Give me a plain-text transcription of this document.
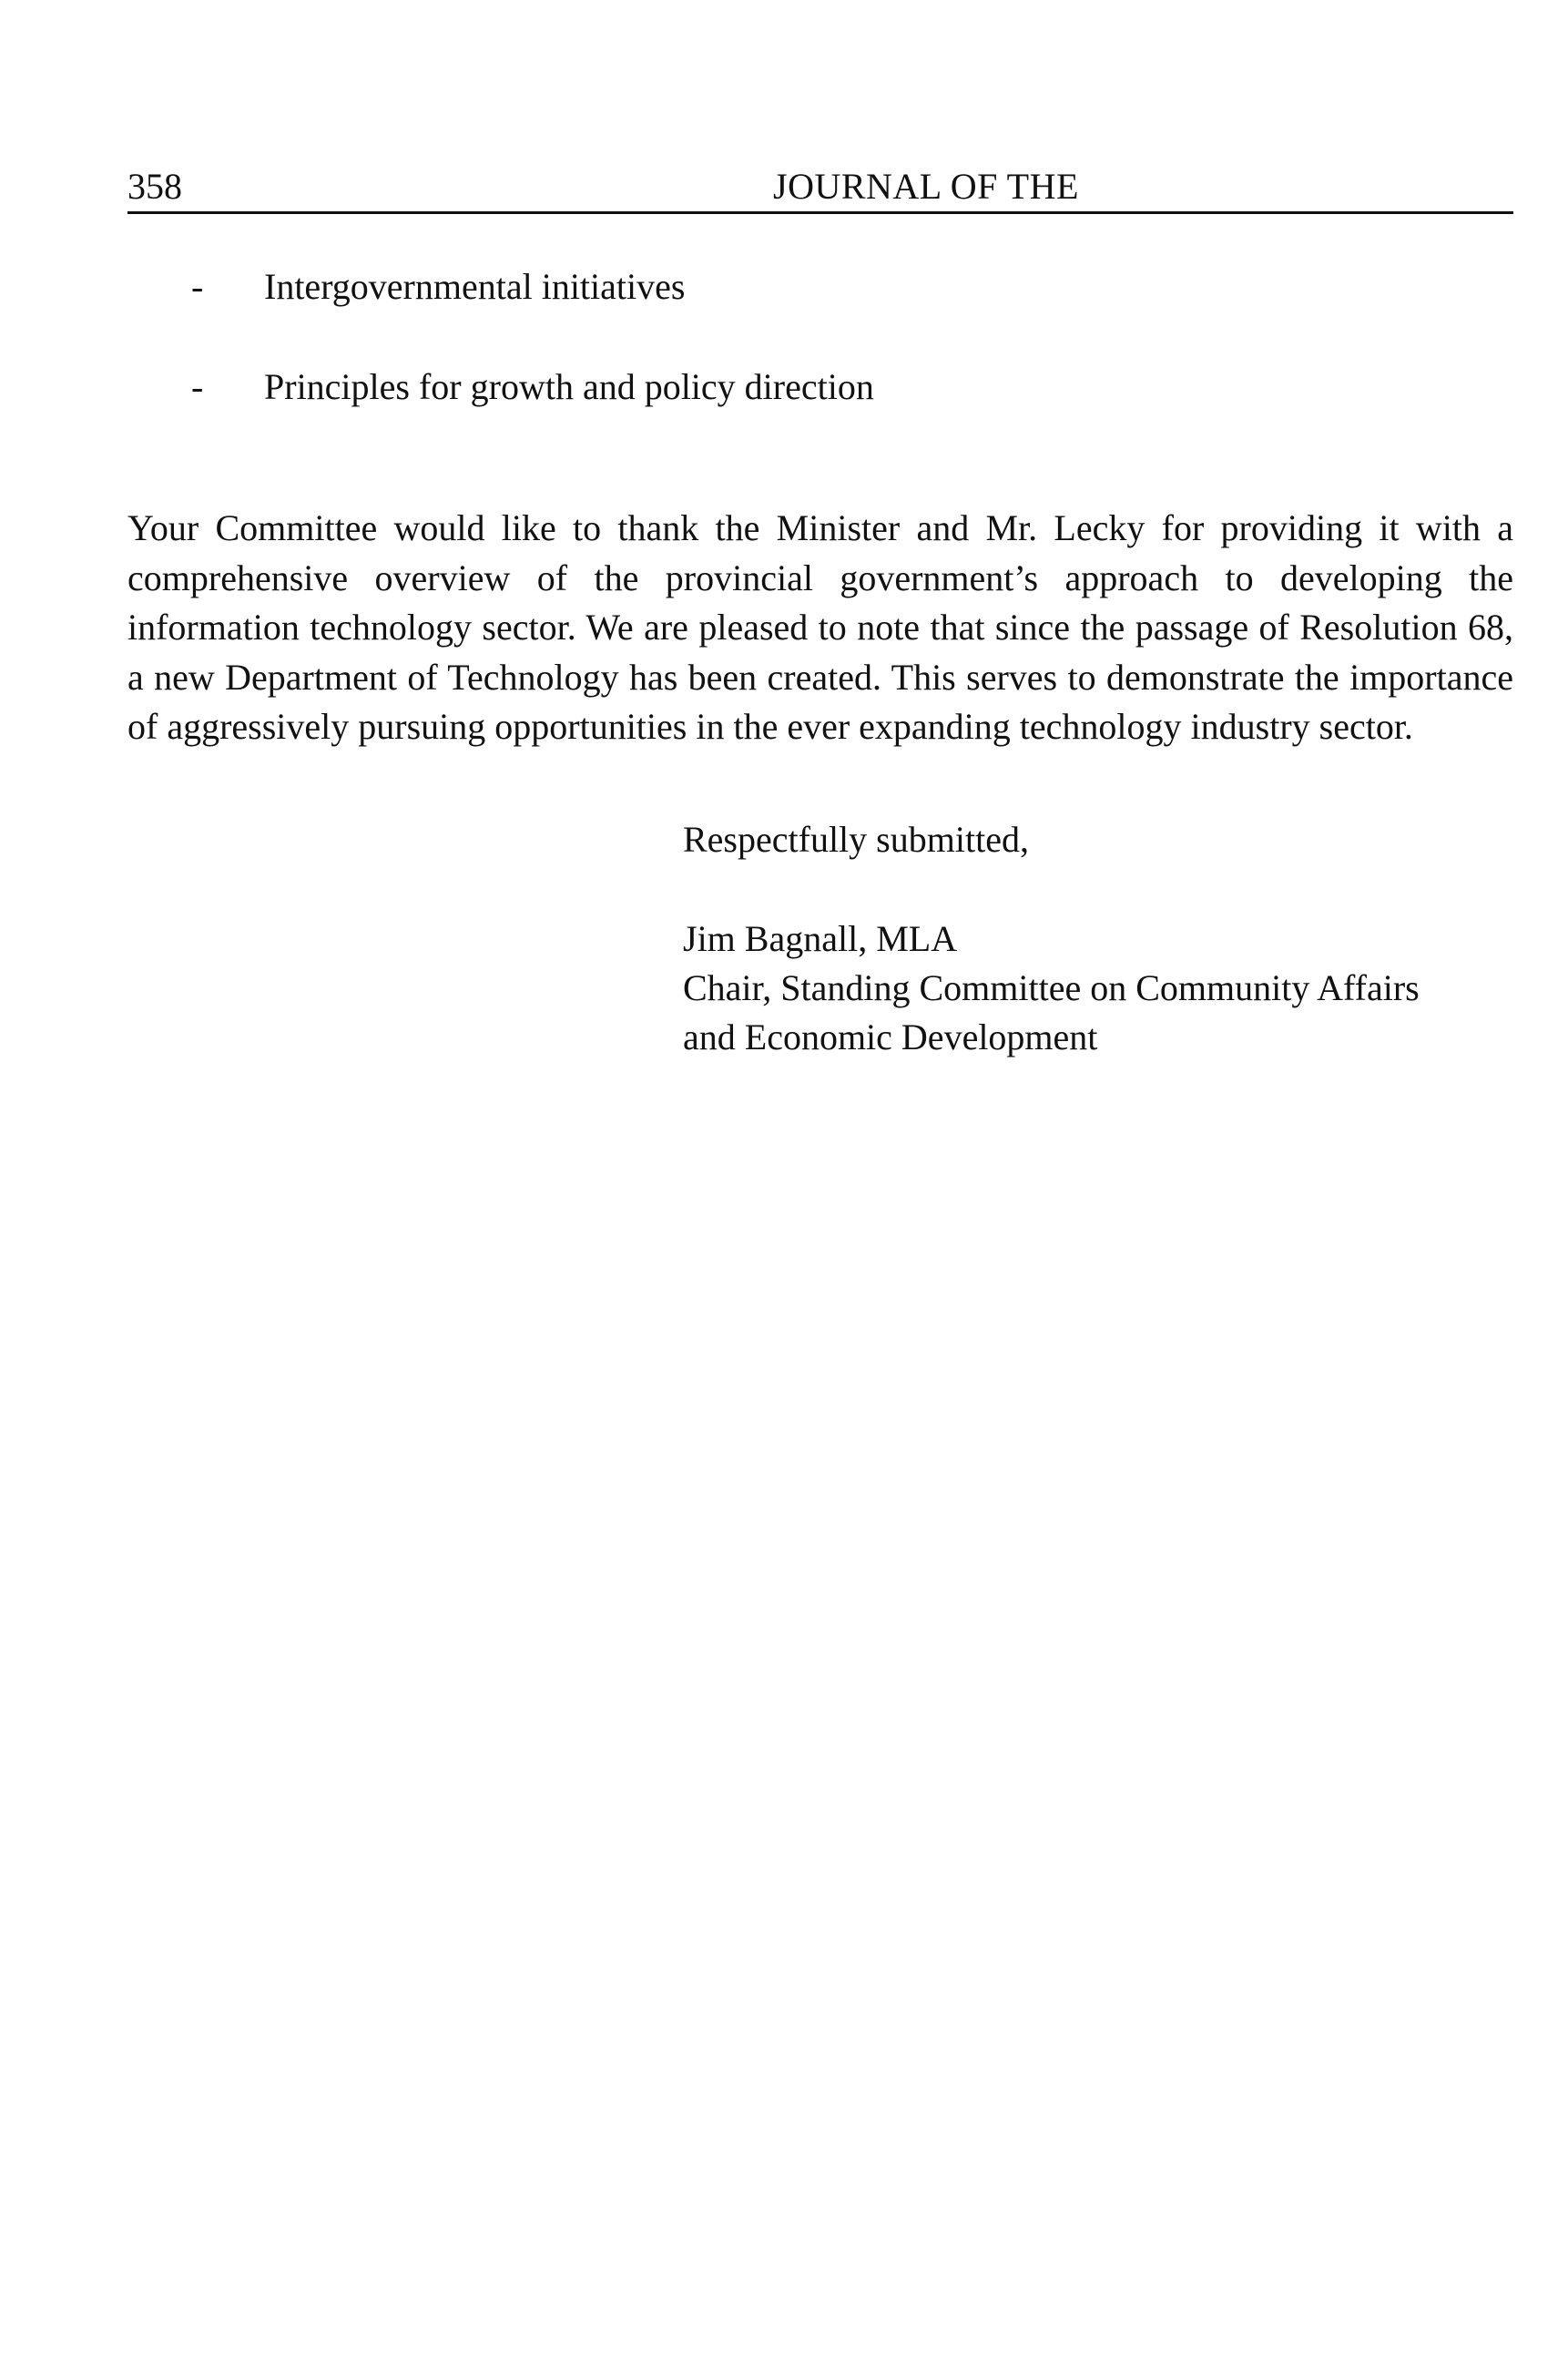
358	JOURNAL OF THE
- Intergovernmental initiatives
- Principles for growth and policy direction

Your Committee would like to thank the Minister and Mr. Lecky for providing it with a comprehensive overview of the provincial government’s approach to developing the information technology sector. We are pleased to note that since the passage of Resolution 68, a new Department of Technology has been created. This serves to demonstrate the importance of aggressively pursuing opportunities in the ever expanding technology industry sector.

Respectfully submitted,
Jim Bagnall, MLA
Chair, Standing Committee on Community Affairs
and Economic Development
